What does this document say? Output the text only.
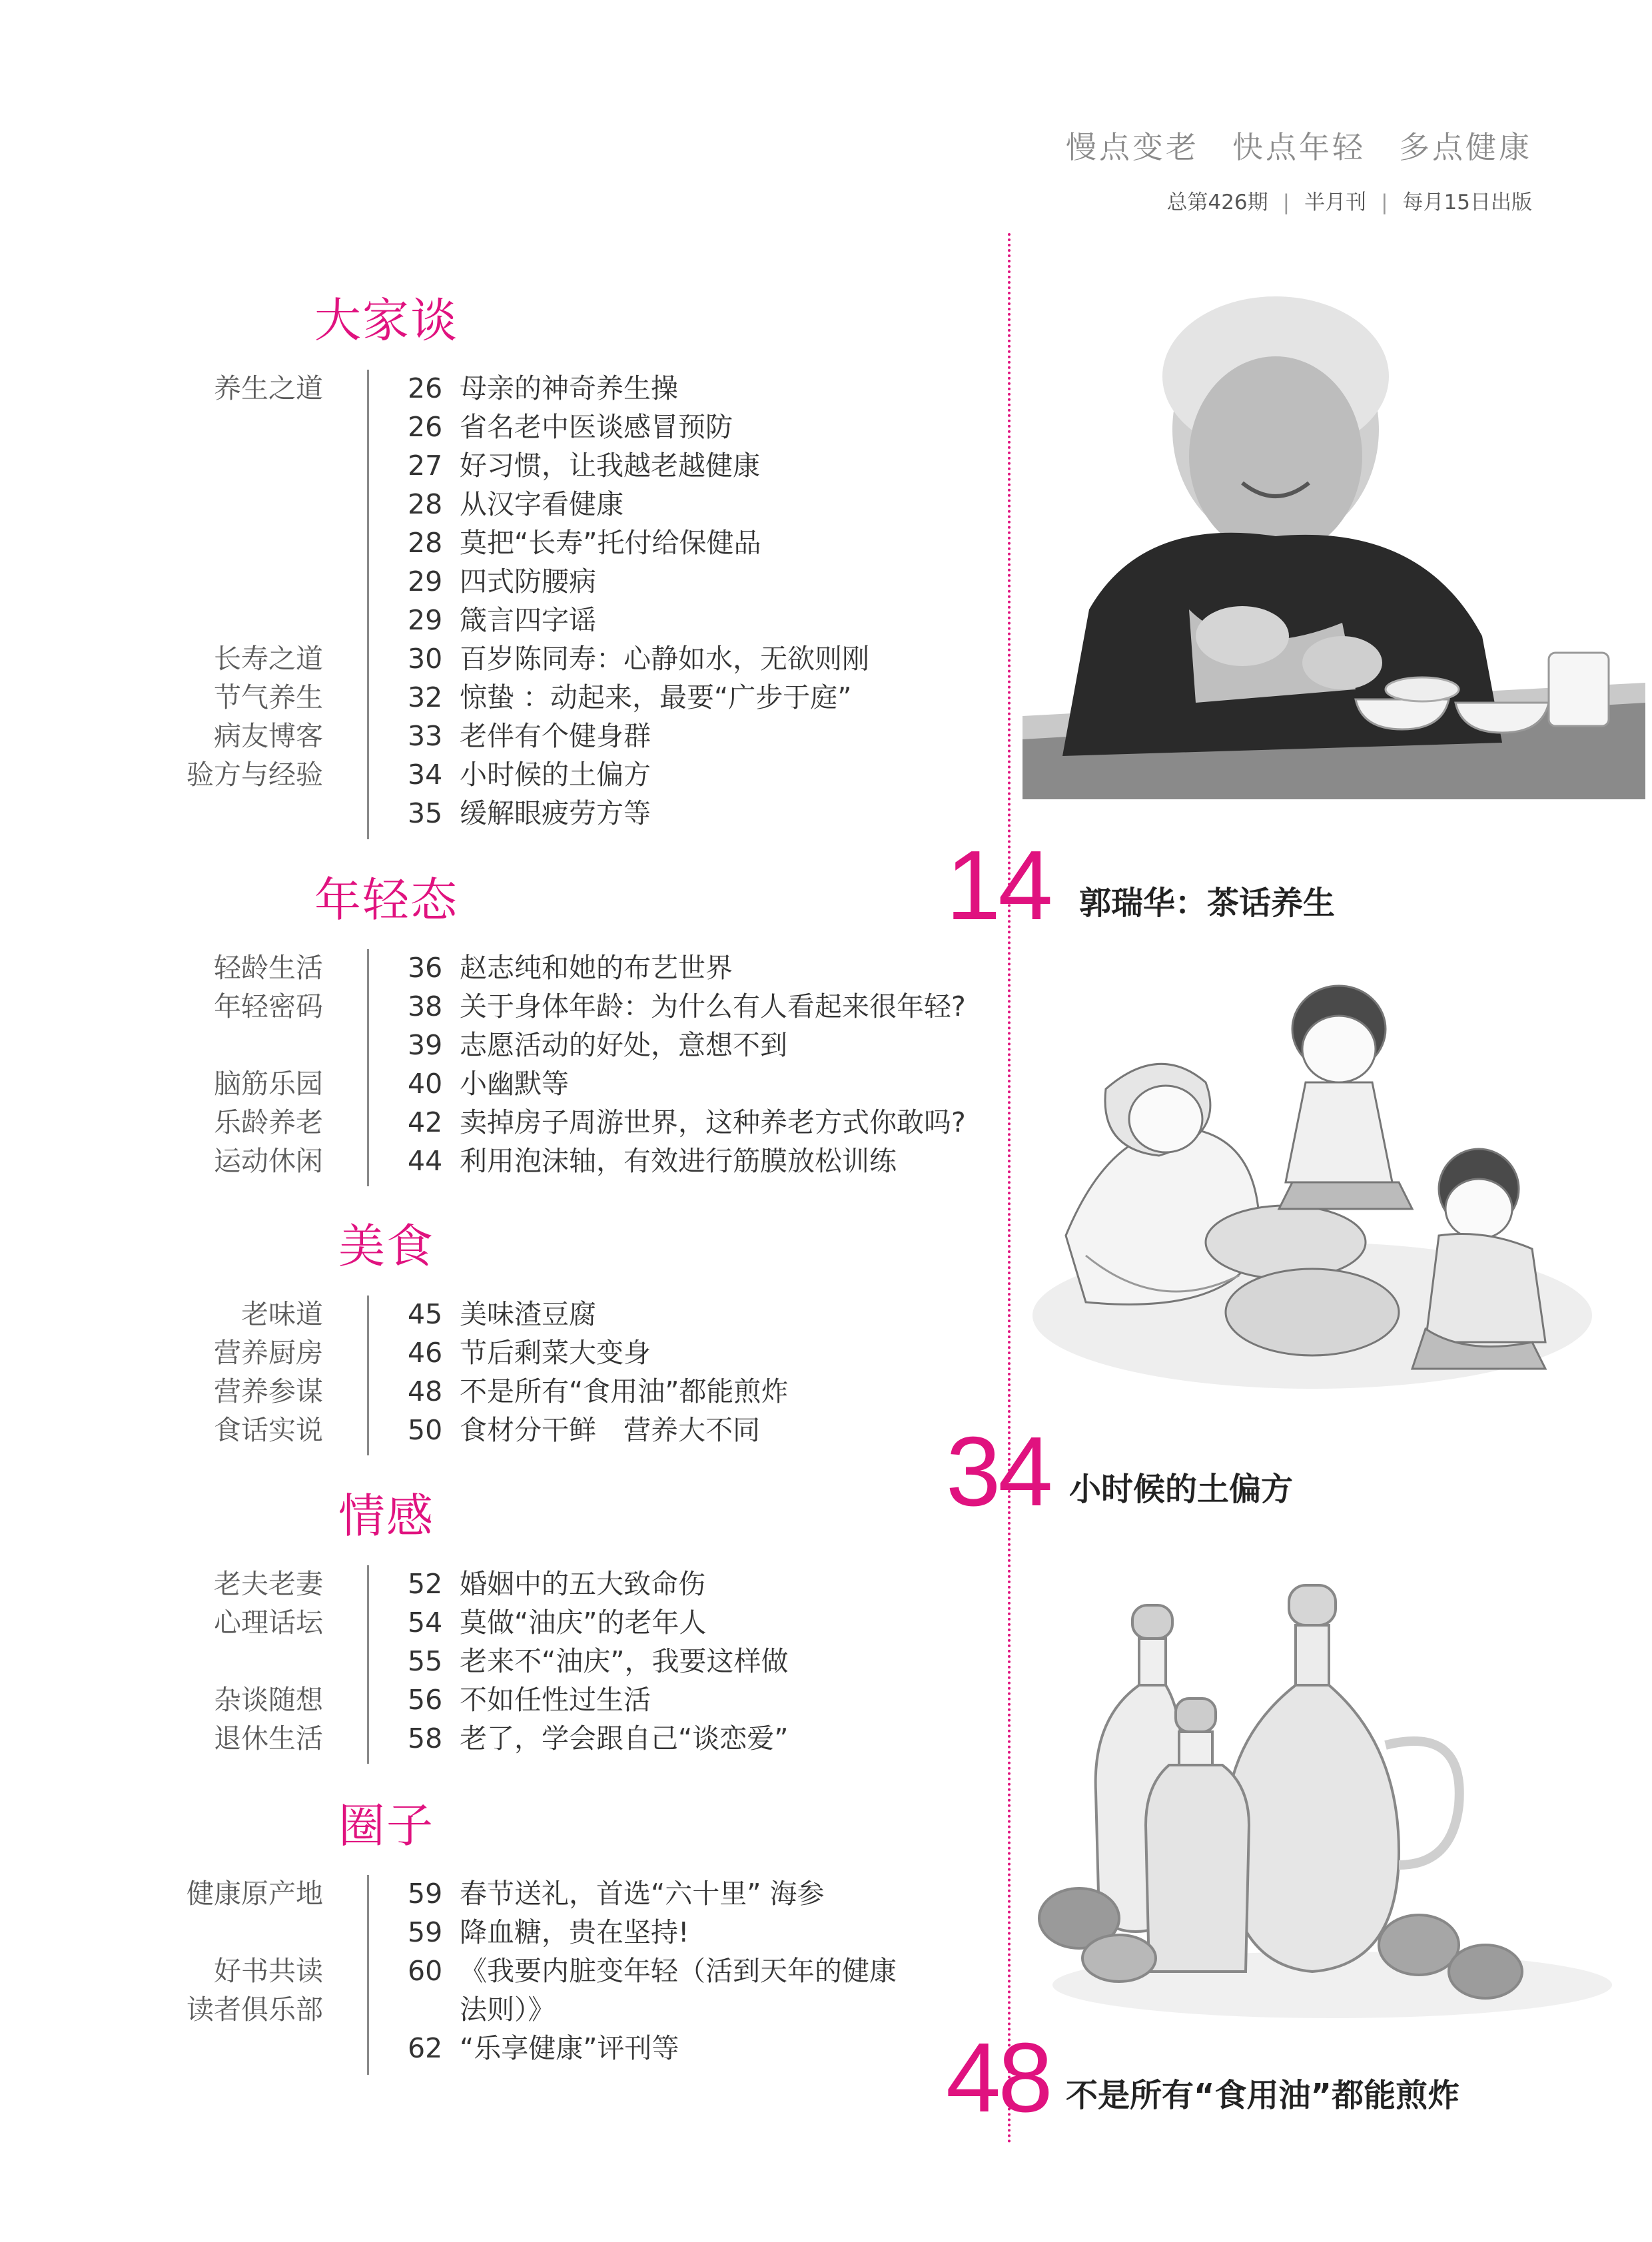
慢点变老　快点年轻　多点健康
总第426期 | 半月刊 | 每月15日出版
大家谈
养生之道	26 母亲的神奇养生操
26 省名老中医谈感冒预防
27 好习惯，让我越老越健康
28 从汉字看健康
28 莫把“长寿”托付给保健品
29 四式防腰病
29 箴言四字谣
长寿之道	30 百岁陈同寿：心静如水，无欲则刚
节气养生	32 惊蛰 ：动起来，最要“广步于庭”
病友博客	33 老伴有个健身群
验方与经验	34 小时候的土偏方
35 缓解眼疲劳方等
年轻态
轻龄生活	36 赵志纯和她的布艺世界
年轻密码	38 关于身体年龄：为什么有人看起来很年轻?
39 志愿活动的好处，意想不到
脑筋乐园	40 小幽默等
乐龄养老	42 卖掉房子周游世界，这种养老方式你敢吗?
运动休闲	44 利用泡沫轴，有效进行筋膜放松训练
美食
老味道	45 美味渣豆腐
营养厨房	46 节后剩菜大变身
营养参谋	48 不是所有“食用油”都能煎炸
食话实说	50 食材分干鲜　营养大不同
情感
老夫老妻	52 婚姻中的五大致命伤
心理话坛	54 莫做“油庆”的老年人
55 老来不“油庆”，我要这样做
杂谈随想	56 不如任性过生活
退休生活	58 老了，学会跟自己“谈恋爱”
圈子
健康原产地	59 春节送礼，首选“六十里” 海参
59 降血糖，贵在坚持!
好书共读	60 《我要内脏变年轻（活到天年的健康
读者俱乐部	法则）》
62 “乐享健康”评刊等
14 郭瑞华：茶话养生
34 小时候的土偏方
48 不是所有“食用油”都能煎炸
